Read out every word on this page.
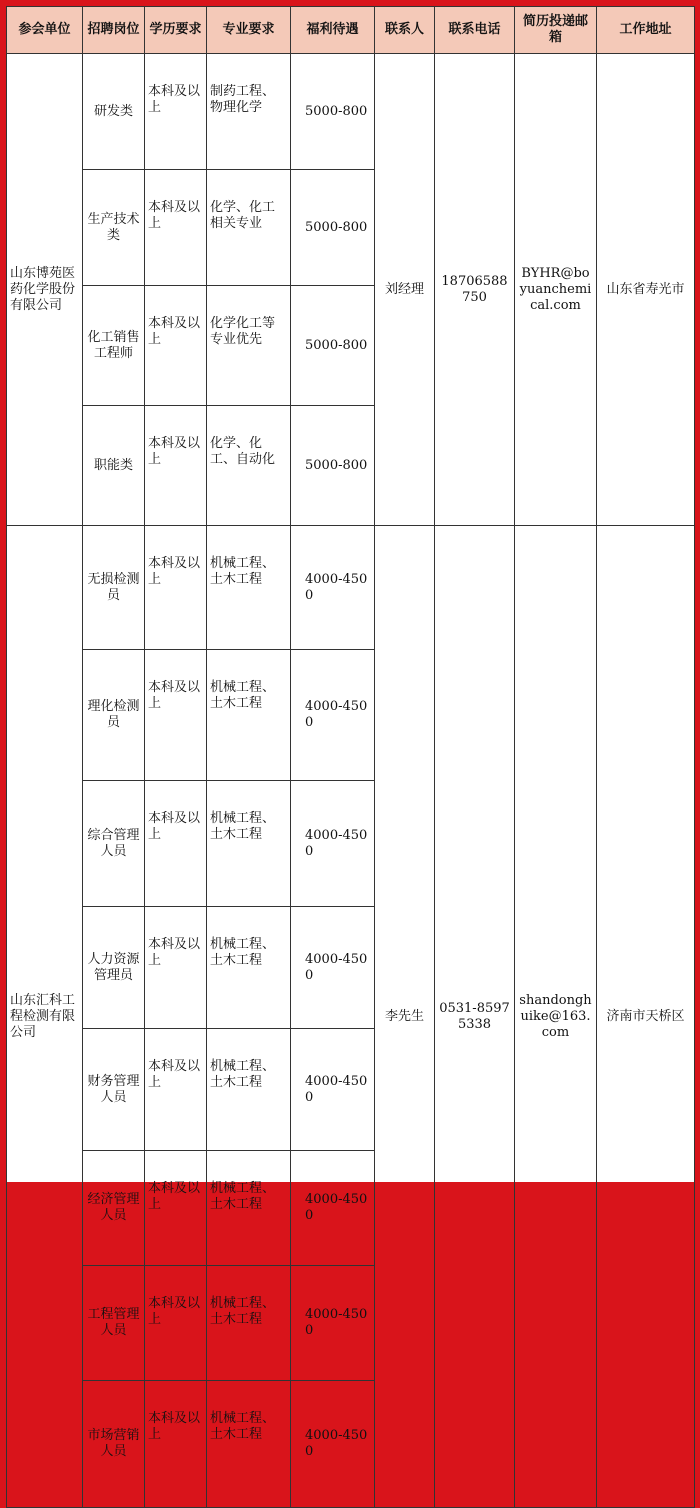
参会单位	招聘岗位	学历要求	专业要求	福利待遇	联系人	联系电话	简历投递邮箱	工作地址
山东博苑医药化学股份有限公司	研发类	本科及以上	制药工程、物理化学	5000-800	刘经理	18706588750	BYHR@boyuanchemical.com	山东省寿光市
	生产技术类	本科及以上	化学、化工相关专业	5000-800				
	化工销售工程师	本科及以上	化学化工等专业优先	5000-800				
	职能类	本科及以上	化学、化工、自动化	5000-800				
山东汇科工程检测有限公司	无损检测员	本科及以上	机械工程、土木工程	4000-4500	李先生	0531-85975338	shandonghuike@163.com	济南市天桥区
	理化检测员	本科及以上	机械工程、土木工程	4000-4500				
	综合管理人员	本科及以上	机械工程、土木工程	4000-4500				
	人力资源管理员	本科及以上	机械工程、土木工程	4000-4500				
	财务管理人员	本科及以上	机械工程、土木工程	4000-4500				
	经济管理人员	本科及以上	机械工程、土木工程	4000-4500				
	工程管理人员	本科及以上	机械工程、土木工程	4000-4500				
	市场营销人员	本科及以上	机械工程、土木工程	4000-4500				
